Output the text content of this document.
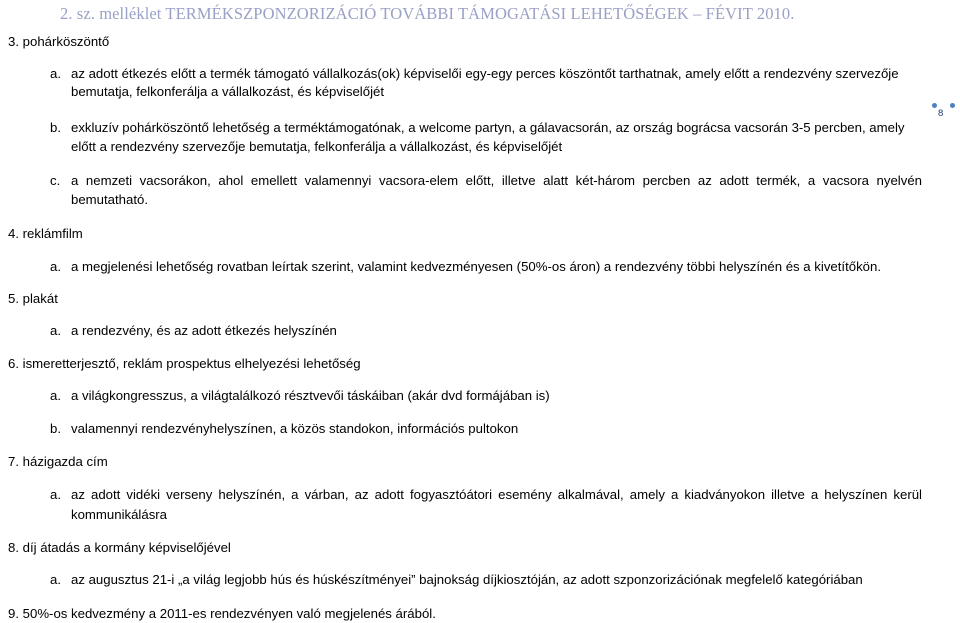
2. sz. melléklet TERMÉKSZPONZORIZÁCIÓ TOVÁBBI TÁMOGATÁSI LEHETŐSÉGEK – FÉVIT 2010.
8
3. pohárköszöntő
a. az adott étkezés előtt a termék támogató vállalkozás(ok) képviselői egy-egy perces köszöntőt tarthatnak, amely előtt a rendezvény szervezője
bemutatja, felkonferálja a vállalkozást, és képviselőjét
b. exkluzív pohárköszöntő lehetőség a terméktámogatónak, a welcome partyn, a gálavacsorán, az ország bográcsa vacsorán 3-5 percben, amely
előtt a rendezvény szervezője bemutatja, felkonferálja a vállalkozást, és képviselőjét
c. a nemzeti vacsorákon, ahol emellett valamennyi vacsora-elem előtt, illetve alatt két-három percben az adott termék, a vacsora nyelvén
bemutatható.
4. reklámfilm
a. a megjelenési lehetőség rovatban leírtak szerint, valamint kedvezményesen (50%-os áron) a rendezvény többi helyszínén és a kivetítőkön.
5. plakát
a. a rendezvény, és az adott étkezés helyszínén
6. ismeretterjesztő, reklám prospektus elhelyezési lehetőség
a. a világkongresszus, a világtalálkozó résztvevői táskáiban (akár dvd formájában is)
b. valamennyi rendezvényhelyszínen, a közös standokon, információs pultokon
7. házigazda cím
a. az adott vidéki verseny helyszínén, a várban, az adott fogyasztóátori esemény alkalmával, amely a kiadványokon illetve a helyszínen kerül
kommunikálásra
8. díj átadás a kormány képviselőjével
a. az augusztus 21-i „a világ legjobb hús és húskészítményei” bajnokság díjkiosztóján, az adott szponzorizációnak megfelelő kategóriában
9. 50%-os kedvezmény a 2011-es rendezvényen való megjelenés árából.
